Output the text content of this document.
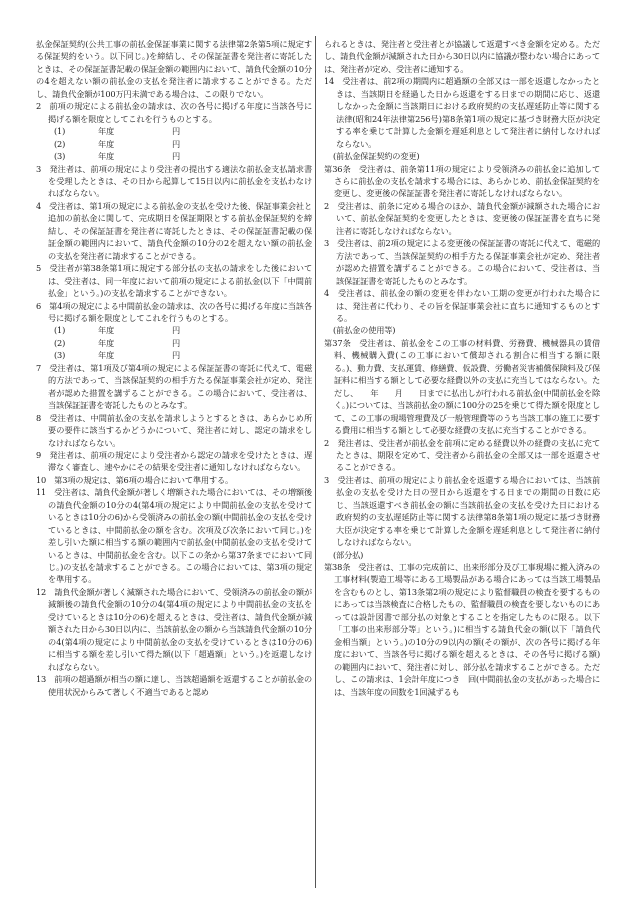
払金保証契約(公共工事の前払金保証事業に関する法律第2条第5項に規定する保証契約をいう。以下同じ。)を締結し、その保証証書を発注者に寄託したときは、その保証証書記載の保証金額の範囲内において、請負代金額の10分の4を超えない額の前払金の支払を発注者に請求することができる。ただし、請負代金額が100万円未満である場合は、この限りでない。

2　前項の規定による前払金の請求は、次の各号に掲げる年度に当該各号に掲げる額を限度としてこれを行うものとする。

(1)	年度	円
(2)	年度	円
(3)	年度	円

3　発注者は、前項の規定により受注者の提出する適法な前払金支払請求書を受理したときは、その日から起算して15日以内に前払金を支払わなければならない。

4　受注者は、第1項の規定による前払金の支払を受けた後、保証事業会社と追加の前払金に関して、完成期日を保証期限とする前払金保証契約を締結し、その保証証書を発注者に寄託したときは、その保証証書記載の保証金額の範囲内において、請負代金額の10分の2を超えない額の前払金の支払を発注者に請求することができる。

5　受注者が第38条第1項に規定する部分払の支払の請求をした後においては、受注者は、同一年度において前項の規定による前払金(以下「中間前払金」という。)の支払を請求することができない。

6　第4項の規定による中間前払金の請求は、次の各号に掲げる年度に当該各号に掲げる額を限度としてこれを行うものとする。

(1)	年度	円
(2)	年度	円
(3)	年度	円

7　受注者は、第1項及び第4項の規定による保証証書の寄託に代えて、電磁的方法であって、当該保証契約の相手方たる保証事業会社が定め、発注者が認めた措置を講ずることができる。この場合において、受注者は、当該保証証書を寄託したものとみなす。

8　受注者は、中間前払金の支払を請求しようとするときは、あらかじめ所要の要件に該当するかどうかについて、発注者に対し、認定の請求をしなければならない。

9　発注者は、前項の規定により受注者から認定の請求を受けたときは、遅滞なく審査し、速やかにその結果を受注者に通知しなければならない。

10　第3項の規定は、第6項の場合において準用する。

11　受注者は、請負代金額が著しく増額された場合においては、その増額後の請負代金額の10分の4(第4項の規定により中間前払金の支払を受けているときは10分の6)から受領済みの前払金の額(中間前払金の支払を受けているときは、中間前払金の額を含む。次項及び次条において同じ。)を差し引いた額に相当する額の範囲内で前払金(中間前払金の支払を受けているときは、中間前払金を含む。以下この条から第37条までにおいて同じ。)の支払を請求することができる。この場合においては、第3項の規定を準用する。

12　請負代金額が著しく減額された場合において、受領済みの前払金の額が減額後の請負代金額の10分の4(第4項の規定により中間前払金の支払を受けているときは10分の6)を超えるときは、受注者は、請負代金額が減額された日から30日以内に、当該前払金の額から当該請負代金額の10分の4(第4項の規定により中間前払金の支払を受けているときは10分の6)に相当する額を差し引いて得た額(以下「超過額」という。)を返還しなければならない。

13　前項の超過額が相当の額に達し、当該超過額を返還することが前払金の使用状況からみて著しく不適当であると認め

られるときは、発注者と受注者とが協議して返還すべき金額を定める。ただし、請負代金額が減額された日から30日以内に協議が整わない場合にあっては、発注者が定め、受注者に通知する。

14　受注者は、前2項の期間内に超過額の全部又は一部を返還しなかったときは、当該期日を経過した日から返還をする日までの期間に応じ、返還しなかった金額に当該期日における政府契約の支払遅延防止等に関する法律(昭和24年法律第256号)第8条第1項の規定に基づき財務大臣が決定する率を乗じて計算した金額を遅延利息として発注者に納付しなければならない。

(前払金保証契約の変更)

第36条　受注者は、前条第11項の規定により受領済みの前払金に追加してさらに前払金の支払を請求する場合には、あらかじめ、前払金保証契約を変更し、変更後の保証証書を発注者に寄託しなければならない。

2　受注者は、前条に定める場合のほか、請負代金額が減額された場合において、前払金保証契約を変更したときは、変更後の保証証書を直ちに発注者に寄託しなければならない。

3　受注者は、前2項の規定による変更後の保証証書の寄託に代えて、電磁的方法であって、当該保証契約の相手方たる保証事業会社が定め、発注者が認めた措置を講ずることができる。この場合において、受注者は、当該保証証書を寄託したものとみなす。

4　受注者は、前払金の額の変更を伴わない工期の変更が行われた場合には、発注者に代わり、その旨を保証事業会社に直ちに通知するものとする。

(前払金の使用等)

第37条　受注者は、前払金をこの工事の材料費、労務費、機械器具の賃借料、機械購入費(この工事において償却される割合に相当する額に限る。)、動力費、支払運賃、修繕費、仮設費、労働者災害補償保険料及び保証料に相当する額として必要な経費以外の支払に充当してはならない。ただし、　　年　　月　　日までに払出しが行われる前払金(中間前払金を除く。)については、当該前払金の額に100分の25を乗じて得た額を限度として、この工事の現場管理費及び一般管理費等のうち当該工事の施工に要する費用に相当する額として必要な経費の支払に充当することができる。

2　発注者は、受注者が前払金を前項に定める経費以外の経費の支払に充てたときは、期限を定めて、受注者から前払金の全部又は一部を返還させることができる。

3　受注者は、前項の規定により前払金を返還する場合においては、当該前払金の支払を受けた日の翌日から返還をする日までの期間の日数に応じ、当該返還すべき前払金の額に当該前払金の支払を受けた日における政府契約の支払遅延防止等に関する法律第8条第1項の規定に基づき財務大臣が決定する率を乗じて計算した金額を遅延利息として発注者に納付しなければならない。

(部分払)

第38条　受注者は、工事の完成前に、出来形部分及び工事現場に搬入済みの工事材料(製造工場等にある工場製品がある場合にあっては当該工場製品を含むものとし、第13条第2項の規定により監督職員の検査を要するものにあっては当該検査に合格したもの、監督職員の検査を要しないものにあっては設計図書で部分払の対象とすることを指定したものに限る。以下「工事の出来形部分等」という。)に相当する請負代金の額(以下「請負代金相当額」という。)の10分の9以内の額(その額が、次の各号に掲げる年度において、当該各号に掲げる額を超えるときは、その各号に掲げる額)の範囲内において、発注者に対し、部分払を請求することができる。ただし、この請求は、1会計年度につき　回(中間前払金の支払があった場合には、当該年度の回数を1回減ずるも
